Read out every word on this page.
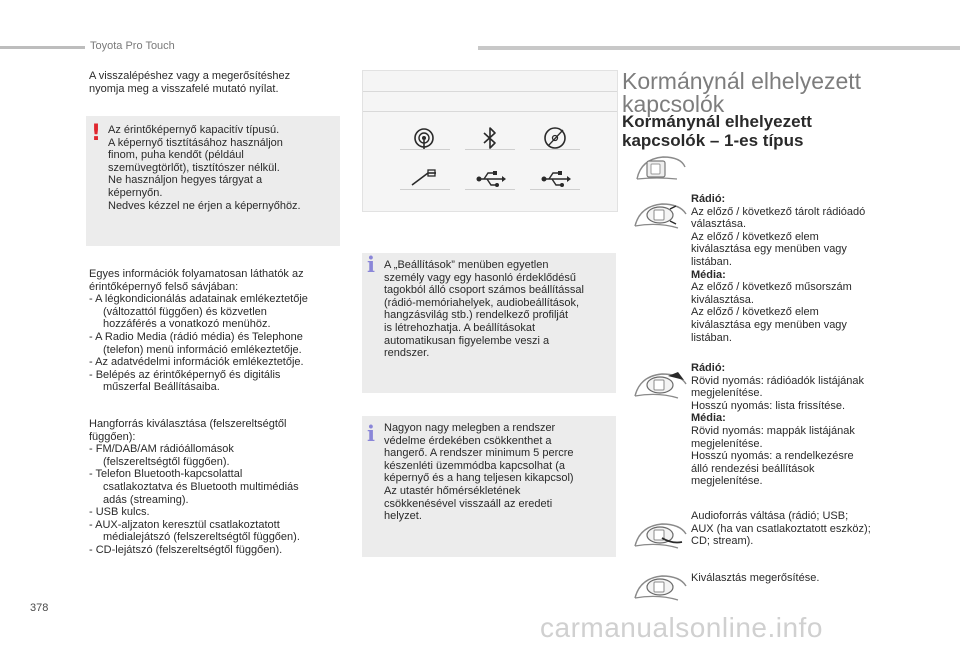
Toyota Pro Touch
A visszalépéshez vagy a megerősítéshez
nyomja meg a visszafelé mutató nyílat.
! Az érintőképernyő kapacitív típusú.
A képernyő tisztításához használjon
finom, puha kendőt (például
szemüvegtörlőt), tisztítószer nélkül.
Ne használjon hegyes tárgyat a
képernyőn.
Nedves kézzel ne érjen a képernyőhöz.
Egyes információk folyamatosan láthatók az
érintőképernyő felső sávjában:
- A légkondicionálás adatainak emlékeztetője
(változattól függően) és közvetlen
hozzáférés a vonatkozó menühöz.
- A Radio Media (rádió média) és Telephone
(telefon) menü információ emlékeztetője.
- Az adatvédelmi információk emlékeztetője.
- Belépés az érintőképernyő és digitális
műszerfal Beállításaiba.
Hangforrás kiválasztása (felszereltségtől
függően):
- FM/DAB/AM rádióállomások
(felszereltségtől függően).
- Telefon Bluetooth-kapcsolattal
csatlakoztatva és Bluetooth multimédiás
adás (streaming).
- USB kulcs.
- AUX-aljzaton keresztül csatlakoztatott
médialejátszó (felszereltségtől függően).
- CD-lejátszó (felszereltségtől függően).
i A „Beállítások” menüben egyetlen
személy vagy egy hasonló érdeklődésű
tagokból álló csoport számos beállítással
(rádió-memóriahelyek, audiobeállítások,
hangzásvilág stb.) rendelkező profilját
is létrehozhatja. A beállításokat
automatikusan figyelembe veszi a
rendszer.
i Nagyon nagy melegben a rendszer
védelme érdekében csökkenthet a
hangerő. A rendszer minimum 5 percre
készenléti üzemmódba kapcsolhat (a
képernyő és a hang teljesen kikapcsol)
Az utastér hőmérsékletének
csökkenésével visszaáll az eredeti
helyzet.
Kormánynál elhelyezett
kapcsolók
Kormánynál elhelyezett
kapcsolók – 1-es típus
Rádió:
Az előző / következő tárolt rádióadó
választása.
Az előző / következő elem
kiválasztása egy menüben vagy
listában.
Média:
Az előző / következő műsorszám
kiválasztása.
Az előző / következő elem
kiválasztása egy menüben vagy
listában.
Rádió:
Rövid nyomás: rádióadók listájának
megjelenítése.
Hosszú nyomás: lista frissítése.
Média:
Rövid nyomás: mappák listájának
megjelenítése.
Hosszú nyomás: a rendelkezésre
álló rendezési beállítások
megjelenítése.
Audioforrás váltása (rádió; USB;
AUX (ha van csatlakoztatott eszköz);
CD; stream).
Kiválasztás megerősítése.
378
carmanualsonline.info
